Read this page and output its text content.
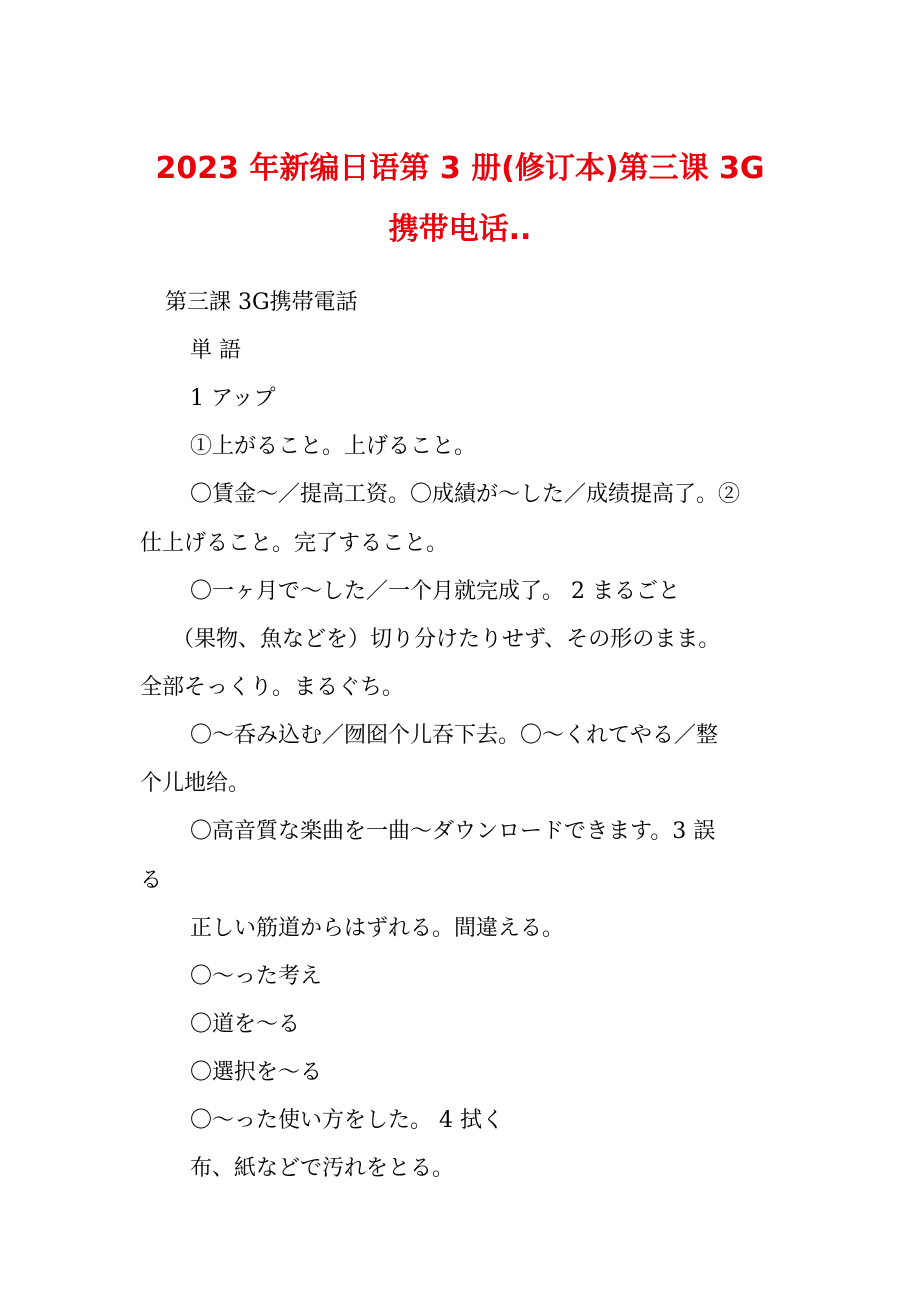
2023 年新编日语第 3 册(修订本)第三课 3G
携带电话..
第三課 3G携帯電話
単 語
1 アップ
①上がること。上げること。
〇賃金～／提高工资。〇成績が～した／成绩提高了。②
仕上げること。完了すること。
〇一ヶ月で～した／一个月就完成了。 2 まるごと
（果物、魚などを）切り分けたりせず、その形のまま。
全部そっくり。まるぐち。
〇～呑み込む／囫囵个儿吞下去。〇～くれてやる／整
个儿地给。
〇高音質な楽曲を一曲～ダウンロードできます。3 誤
る
正しい筋道からはずれる。間違える。
〇～った考え
〇道を～る
〇選択を～る
〇～った使い方をした。 4 拭く
布、紙などで汚れをとる。
